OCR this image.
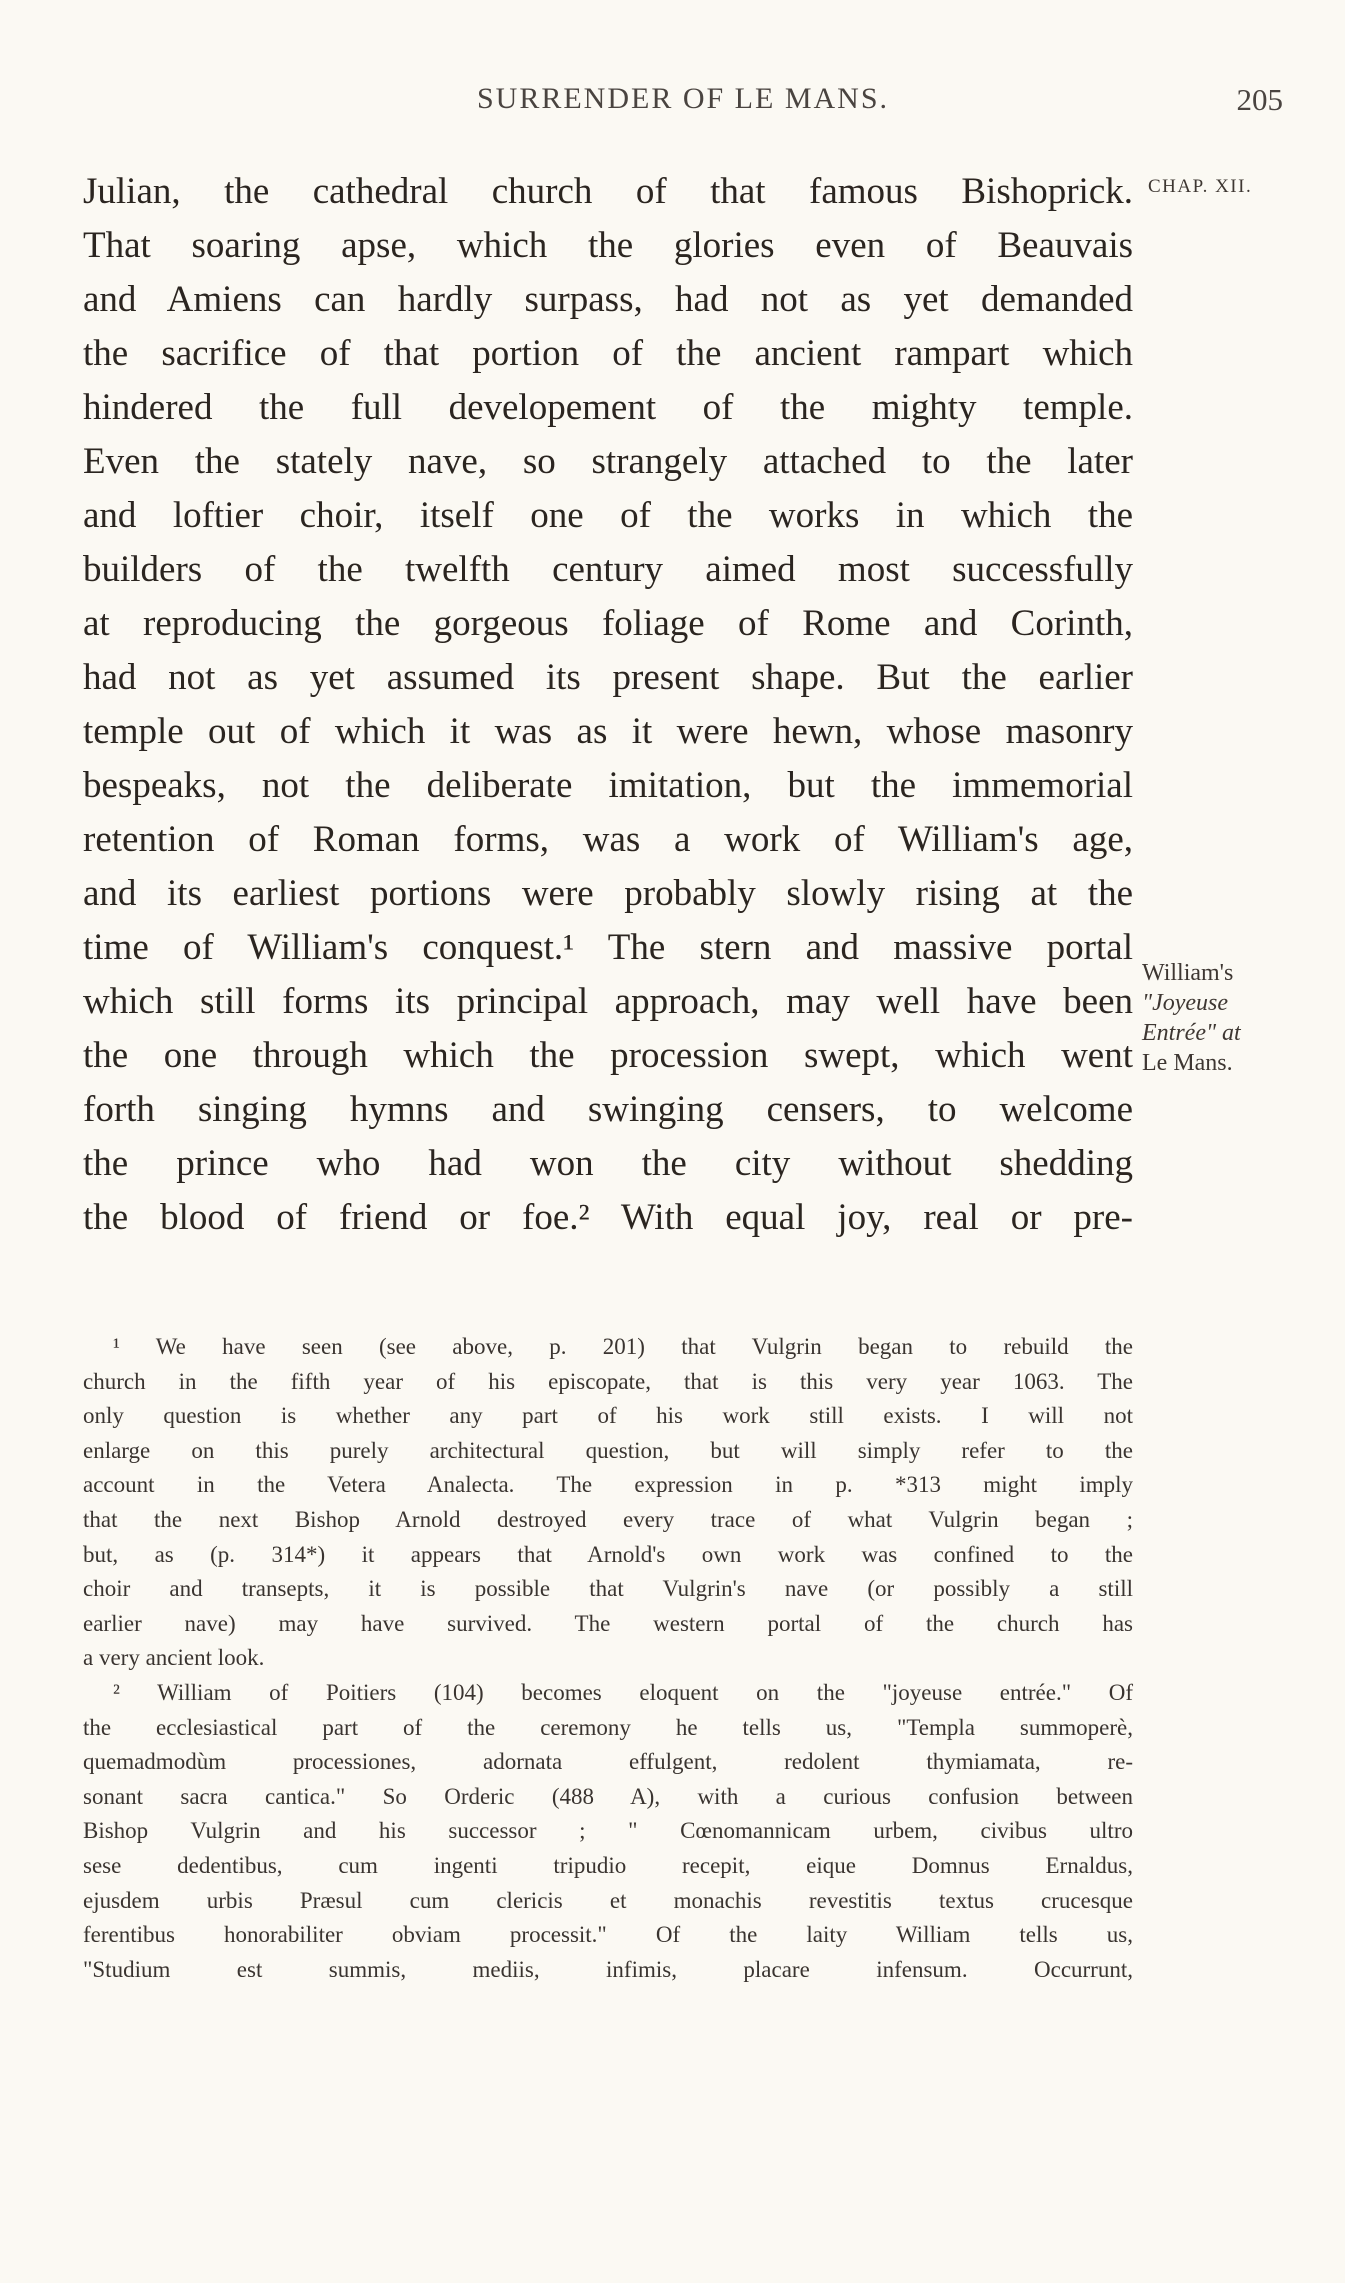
SURRENDER OF LE MANS.	205
CHAP. XII.
William's
"Joyeuse
Entrée" at
Le Mans.
Julian, the cathedral church of that famous Bishoprick.
That soaring apse, which the glories even of Beauvais
and Amiens can hardly surpass, had not as yet demanded
the sacrifice of that portion of the ancient rampart which
hindered the full developement of the mighty temple.
Even the stately nave, so strangely attached to the later
and loftier choir, itself one of the works in which the
builders of the twelfth century aimed most successfully
at reproducing the gorgeous foliage of Rome and Corinth,
had not as yet assumed its present shape. But the earlier
temple out of which it was as it were hewn, whose masonry
bespeaks, not the deliberate imitation, but the immemorial
retention of Roman forms, was a work of William's age,
and its earliest portions were probably slowly rising at the
time of William's conquest.¹ The stern and massive portal
which still forms its principal approach, may well have been
the one through which the procession swept, which went
forth singing hymns and swinging censers, to welcome
the prince who had won the city without shedding
the blood of friend or foe.² With equal joy, real or pre-
¹ We have seen (see above, p. 201) that Vulgrin began to rebuild the
church in the fifth year of his episcopate, that is this very year 1063. The
only question is whether any part of his work still exists. I will not
enlarge on this purely architectural question, but will simply refer to the
account in the Vetera Analecta. The expression in p. *313 might imply
that the next Bishop Arnold destroyed every trace of what Vulgrin began ;
but, as (p. 314*) it appears that Arnold's own work was confined to the
choir and transepts, it is possible that Vulgrin's nave (or possibly a still
earlier nave) may have survived. The western portal of the church has
a very ancient look.
² William of Poitiers (104) becomes eloquent on the "joyeuse entrée." Of
the ecclesiastical part of the ceremony he tells us, "Templa summoperè,
quemadmodùm processiones, adornata effulgent, redolent thymiamata, re-
sonant sacra cantica." So Orderic (488 A), with a curious confusion between
Bishop Vulgrin and his successor ; " Cœnomannicam urbem, civibus ultro
sese dedentibus, cum ingenti tripudio recepit, eique Domnus Ernaldus,
ejusdem urbis Præsul cum clericis et monachis revestitis textus crucesque
ferentibus honorabiliter obviam processit." Of the laity William tells us,
"Studium est summis, mediis, infimis, placare infensum. Occurrunt,
